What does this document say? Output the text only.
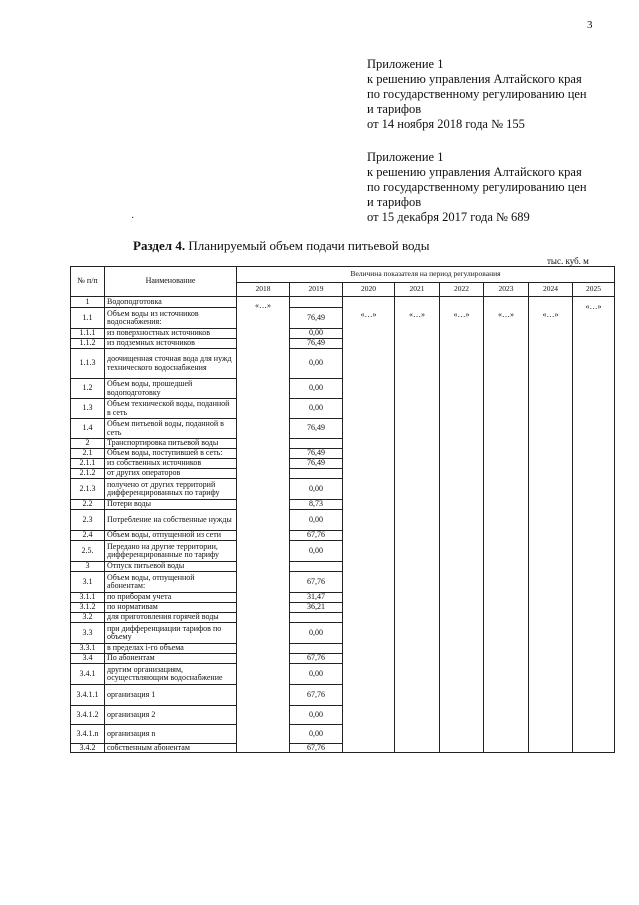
3
Приложение 1
к решению управления Алтайского края
по государственному регулированию цен
и тарифов
от 14 ноября 2018 года № 155
Приложение 1
к решению управления Алтайского края
по государственному регулированию цен
и тарифов
от 15 декабря 2017 года № 689
·
Раздел 4. Планируемый объем подачи питьевой воды
тыс. куб. м
№ п/п	Наименование	Величина показателя на период регулирования							
		2018	2019	2020	2021	2022	2023	2024	2025
1	Водоподготовка	«…»		«…»	«…»	«…»	«…»	«…»	«…»
1.1	Объем воды из источников водоснабжения:		76,49						
1.1.1	из поверхностных источников		0,00						
1.1.2	из подземных источников		76,49						
1.1.3	доочищенная сточная вода для нужд технического водоснабжения		0,00						
1.2	Объем воды, прошедшей водоподготовку		0,00						
1.3	Объем технической воды, поданной в сеть		0,00						
1.4	Объем питьевой воды, поданной в сеть		76,49						
2	Транспортировка питьевой воды								
2.1	Объем воды, поступившей в сеть:		76,49						
2.1.1	из собственных источников		76,49						
2.1.2	от других операторов								
2.1.3	получено от других территорий дифференцированных по тарифу		0,00						
2.2	Потери воды		8,73						
2.3	Потребление на собственные нужды		0,00						
2.4	Объем воды, отпущенной из сети		67,76						
2.5.	Передано на другие территории, дифференцированные по тарифу		0,00						
3	Отпуск питьевой воды								
3.1	Объем воды, отпущенной абонентам:		67,76						
3.1.1	по приборам учета		31,47						
3.1.2	по нормативам		36,21						
3.2	для приготовления горячей воды								
3.3	при дифференциации тарифов по объему		0,00						
3.3.1	в пределах i-го объема								
3.4	По абонентам		67,76						
3.4.1	другим организациям, осуществляющим водоснабжение		0,00						
3.4.1.1	организация 1		67,76						
3.4.1.2	организация 2		0,00						
3.4.1.n	организация n		0,00						
3.4.2	собственным абонентам		67,76						
